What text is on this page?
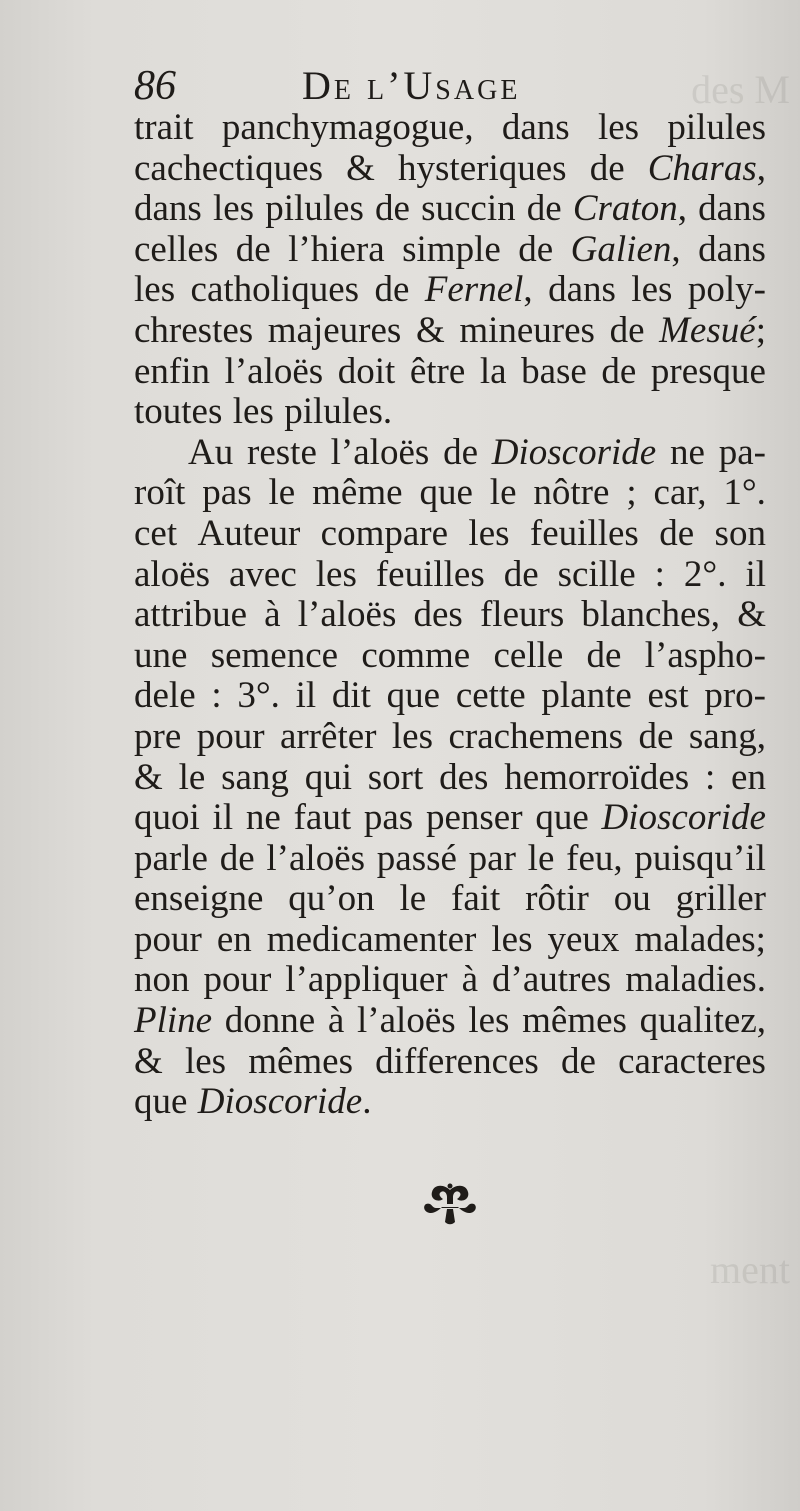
des M
ment
86	De l’Usage
trait panchymagogue, dans les pilules
cachectiques & hysteriques de Charas,
dans les pilules de succin de Craton, dans
celles de l’hiera simple de Galien, dans
les catholiques de Fernel, dans les poly-
chrestes majeures & mineures de Mesué;
enfin l’aloës doit être la base de presque
toutes les pilules.
Au reste l’aloës de Dioscoride ne pa-
roît pas le même que le nôtre ; car, 1°.
cet Auteur compare les feuilles de son
aloës avec les feuilles de scille : 2°. il
attribue à l’aloës des fleurs blanches, &
une semence comme celle de l’aspho-
dele : 3°. il dit que cette plante est pro-
pre pour arrêter les crachemens de sang,
& le sang qui sort des hemorroïdes : en
quoi il ne faut pas penser que Dioscoride
parle de l’aloës passé par le feu, puisqu’il
enseigne qu’on le fait rôtir ou griller
pour en medicamenter les yeux malades;
non pour l’appliquer à d’autres maladies.
Pline donne à l’aloës les mêmes qualitez,
& les mêmes differences de caracteres
que Dioscoride.
